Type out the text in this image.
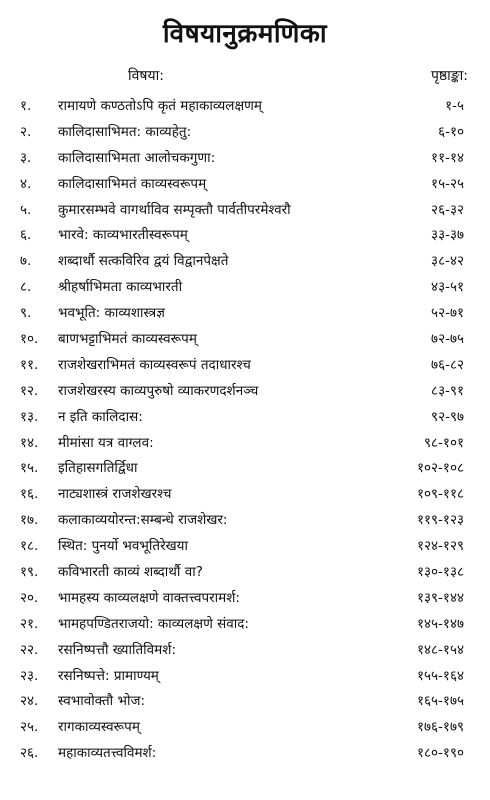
विषयानुक्रमणिका
विषया:	पृष्ठाङ्का:
१.	रामायणे कण्ठतोऽपि कृतं महाकाव्यलक्षणम्	१-५
२.	कालिदासाभिमत: काव्यहेतु:	६-१०
३.	कालिदासाभिमता आलोचकगुणा:	११-१४
४.	कालिदासाभिमतं काव्यस्वरूपम्	१५-२५
५.	कुमारसम्भवे वागर्थाविव सम्पृक्तौ पार्वतीपरमेश्वरौ	२६-३२
६.	भारवे: काव्यभारतीस्वरूपम्	३३-३७
७.	शब्दार्थौ सत्कविरिव द्वयं विद्वानपेक्षते	३८-४२
८.	श्रीहर्षाभिमता काव्यभारती	४३-५१
९.	भवभूति: काव्यशास्त्रज्ञ	५२-७१
१०.	बाणभट्टाभिमतं काव्यस्वरूपम्	७२-७५
११.	राजशेखराभिमतं काव्यस्वरूपं तदाधारश्च	७६-८२
१२.	राजशेखरस्य काव्यपुरुषो व्याकरणदर्शनञ्च	८३-९१
१३.	न इति कालिदास:	९२-९७
१४.	मीमांसा यत्र वाग्लव:	९८-१०१
१५.	इतिहासगतिर्द्विधा	१०२-१०८
१६.	नाट्यशास्त्रं राजशेखरश्च	१०९-११८
१७.	कलाकाव्ययोरन्त:सम्बन्धे राजशेखर:	११९-१२३
१८.	स्थित: पुनर्यो भवभूतिरेखया	१२४-१२९
१९.	कविभारती काव्यं शब्दार्थौ वा?	१३०-१३८
२०.	भामहस्य काव्यलक्षणे वाक्तत्त्वपरामर्श:	१३९-१४४
२१.	भामहपण्डितराजयो: काव्यलक्षणे संवाद:	१४५-१४७
२२.	रसनिष्पत्तौ ख्यातिविमर्श:	१४८-१५४
२३.	रसनिष्पत्ते: प्रामाण्यम्	१५५-१६४
२४.	स्वभावोक्तौ भोज:	१६५-१७५
२५.	रागकाव्यस्वरूपम्	१७६-१७९
२६.	महाकाव्यतत्त्वविमर्श:	१८०-१९०
